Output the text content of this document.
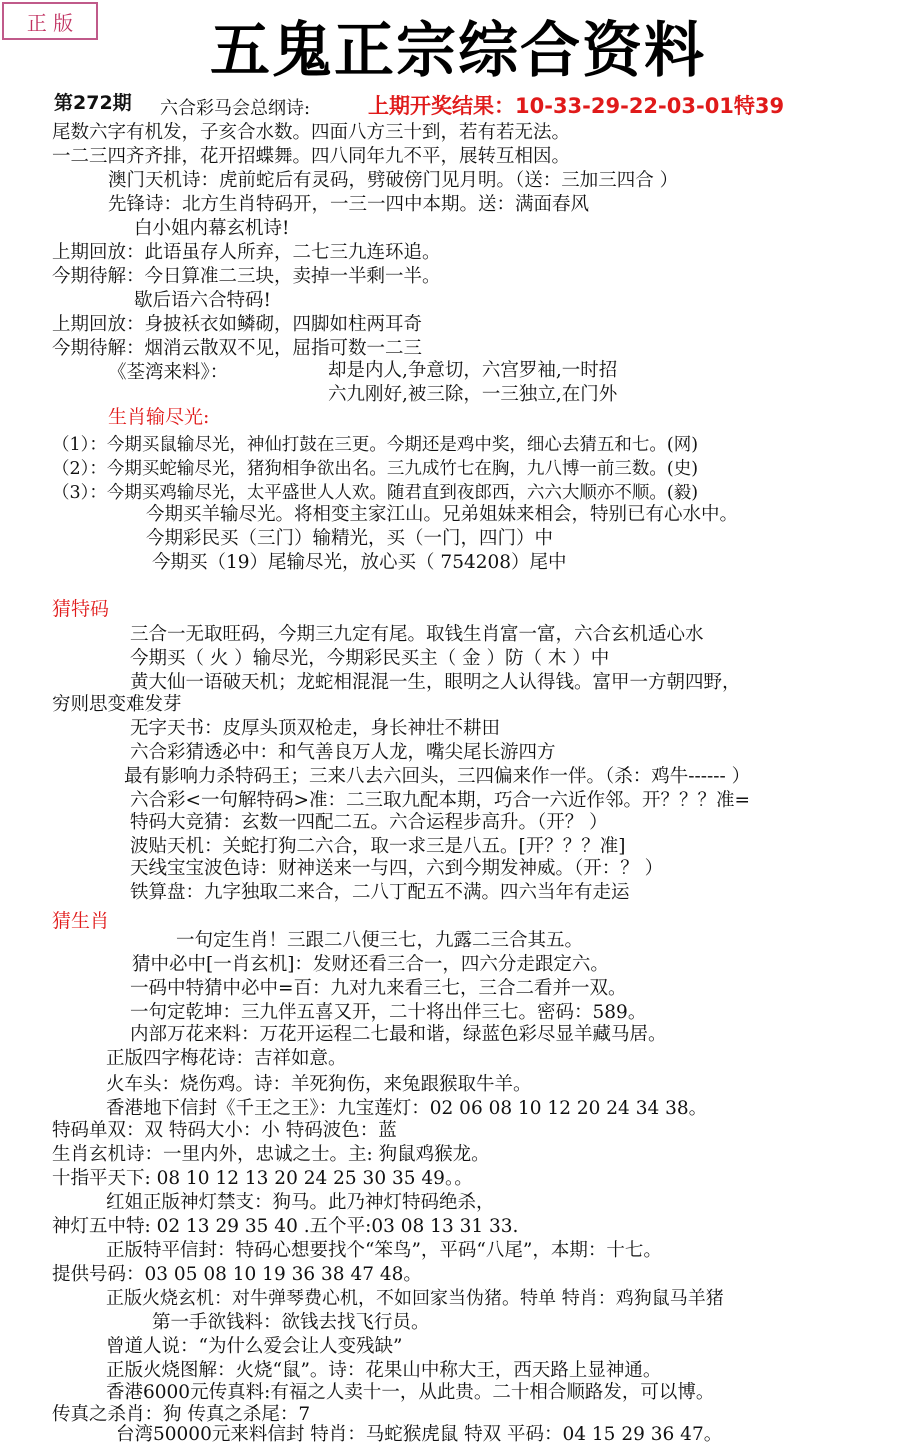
正 版	五鬼正宗综合资料
第272期 六合彩马会总纲诗:	上期开奖结果：10-33-29-22-03-01特39
尾数六字有机发，子亥合水数。四面八方三十到，若有若无法。
一二三四齐齐排，花开招蝶舞。四八同年九不平，展转互相因。
澳门天机诗：虎前蛇后有灵码，劈破傍门见月明。（送：三加三四合 ）
先锋诗：北方生肖特码开，一三一四中本期。送：满面春风
白小姐内幕玄机诗!
上期回放：此语虽存人所弃，二七三九连环追。
今期待解：今日算准二三块，卖掉一半剩一半。
歇后语六合特码!
上期回放：身披袄衣如鳞砌，四脚如柱两耳奇
今期待解：烟消云散双不见，屈指可数一二三
《荃湾来料》：	却是内人,争意切，六宫罗袖,一时招
六九刚好,被三除，一三独立,在门外
生肖输尽光:
（1）：今期买鼠输尽光，神仙打鼓在三更。今期还是鸡中奖，细心去猜五和七。(网)
（2）：今期买蛇输尽光，猪狗相争欲出名。三九成竹七在胸，九八博一前三数。(史)
（3）：今期买鸡输尽光，太平盛世人人欢。随君直到夜郎西，六六大顺亦不顺。(毅)
今期买羊输尽光。将相变主家江山。兄弟姐妹来相会，特别已有心水中。
今期彩民买（三门）输精光，买（一门，四门）中
今期买（19）尾输尽光，放心买（ 754208）尾中
猜特码
三合一无取旺码，今期三九定有尾。取钱生肖富一富，六合玄机适心水
今期买（ 火 ）输尽光，今期彩民买主（ 金 ）防（ 木 ）中
黄大仙一语破天机；龙蛇相混混一生，眼明之人认得钱。富甲一方朝四野，
穷则思变难发芽
无字天书：皮厚头顶双枪走，身长神壮不耕田
六合彩猜透必中：和气善良万人龙，嘴尖尾长游四方
最有影响力杀特码王；三来八去六回头，三四偏来作一伴。（杀：鸡牛------ ）
六合彩<一句解特码>准：二三取九配本期，巧合一六近作邻。开？？？准=
特码大竞猜：玄数一四配二五。六合运程步高升。（开？ ）
波贴天机：关蛇打狗二六合，取一求三是八五。[开？？？准]
天线宝宝波色诗：财神送来一与四，六到今期发神威。（开：？ ）
铁算盘：九字独取二来合，二八丁配五不满。四六当年有走运
猜生肖
一句定生肖！三跟二八便三七，九露二三合其五。
猜中必中[一肖玄机]：发财还看三合一，四六分走跟定六。
一码中特猜中必中=百：九对九来看三七，三合二看并一双。
一句定乾坤：三九伴五喜又开，二十将出伴三七。密码：589。
内部万花来料：万花开运程二七最和谐，绿蓝色彩尽显羊藏马居。
正版四字梅花诗：吉祥如意。
火车头：烧伤鸡。诗：羊死狗伤，来兔跟猴取牛羊。
香港地下信封《千王之王》：九宝莲灯：02 06 08 10 12 20 24 34 38。
特码单双：双 特码大小：小 特码波色：蓝
生肖玄机诗：一里内外，忠诚之士。主: 狗鼠鸡猴龙。
十指平天下: 08 10 12 13 20 24 25 30 35 49。。
红姐正版神灯禁支：狗马。此乃神灯特码绝杀，
神灯五中特: 02 13 29 35 40 .五个平:03 08 13 31 33.
正版特平信封：特码心想要找个“笨鸟”，平码“八尾”，本期：十七。
提供号码：03 05 08 10 19 36 38 47 48。
正版火烧玄机：对牛弹琴费心机，不如回家当伪猪。特单 特肖：鸡狗鼠马羊猪
第一手欲钱料：欲钱去找飞行员。
曾道人说：“为什么爱会让人变残缺”
正版火烧图解：火烧“鼠”。诗：花果山中称大王，西天路上显神通。
香港6000元传真料:有福之人卖十一，从此贵。二十相合顺路发，可以博。
传真之杀肖：狗 传真之杀尾：7
台湾50000元来料信封 特肖：马蛇猴虎鼠 特双 平码：04 15 29 36 47。
